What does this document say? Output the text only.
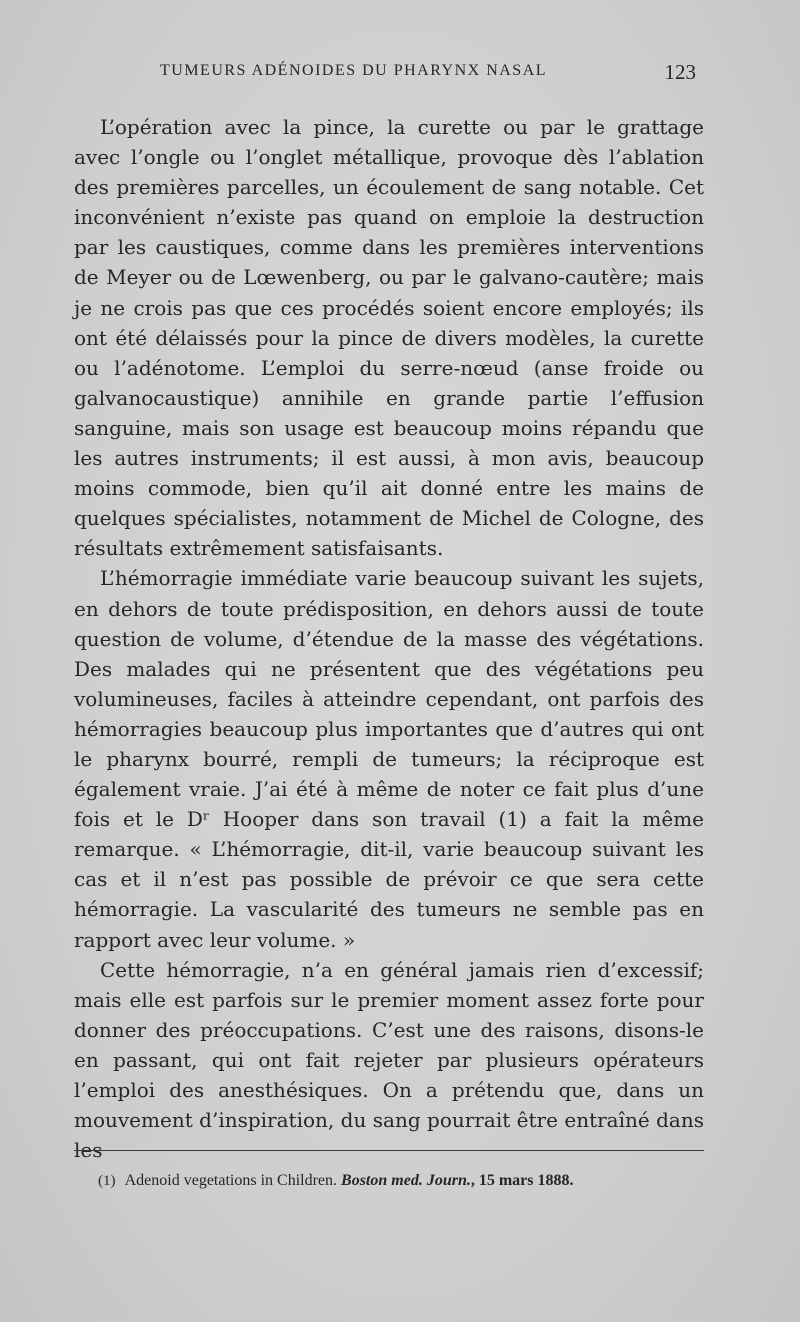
TUMEURS ADÉNOIDES DU PHARYNX NASAL	123

L’opération avec la pince, la curette ou par le grattage avec l’ongle ou l’onglet métallique, provoque dès l’ablation des premières parcelles, un écoulement de sang notable. Cet inconvénient n’existe pas quand on emploie la destruction par les caustiques, comme dans les premières interventions de Meyer ou de Lœwenberg, ou par le galvano-cautère; mais je ne crois pas que ces procédés soient encore employés; ils ont été délaissés pour la pince de divers modèles, la curette ou l’adénotome. L’emploi du serre-nœud (anse froide ou galvanocaustique) annihile en grande partie l’effusion sanguine, mais son usage est beaucoup moins répandu que les autres instruments; il est aussi, à mon avis, beaucoup moins commode, bien qu’il ait donné entre les mains de quelques spécialistes, notamment de Michel de Cologne, des résultats extrêmement satisfaisants.

L’hémorragie immédiate varie beaucoup suivant les sujets, en dehors de toute prédisposition, en dehors aussi de toute question de volume, d’étendue de la masse des végétations. Des malades qui ne présentent que des végétations peu volumineuses, faciles à atteindre cependant, ont parfois des hémorragies beaucoup plus importantes que d’autres qui ont le pharynx bourré, rempli de tumeurs; la réciproque est également vraie. J’ai été à même de noter ce fait plus d’une fois et le Dʳ Hooper dans son travail (1) a fait la même remarque. « L’hémorragie, dit-il, varie beaucoup suivant les cas et il n’est pas possible de prévoir ce que sera cette hémorragie. La vascularité des tumeurs ne semble pas en rapport avec leur volume. »

Cette hémorragie, n’a en général jamais rien d’excessif; mais elle est parfois sur le premier moment assez forte pour donner des préoccupations. C’est une des raisons, disons-le en passant, qui ont fait rejeter par plusieurs opérateurs l’emploi des anesthésiques. On a prétendu que, dans un mouvement d’inspiration, du sang pourrait être entraîné dans les

(1) Adenoid vegetations in Children. Boston med. Journ., 15 mars 1888.
